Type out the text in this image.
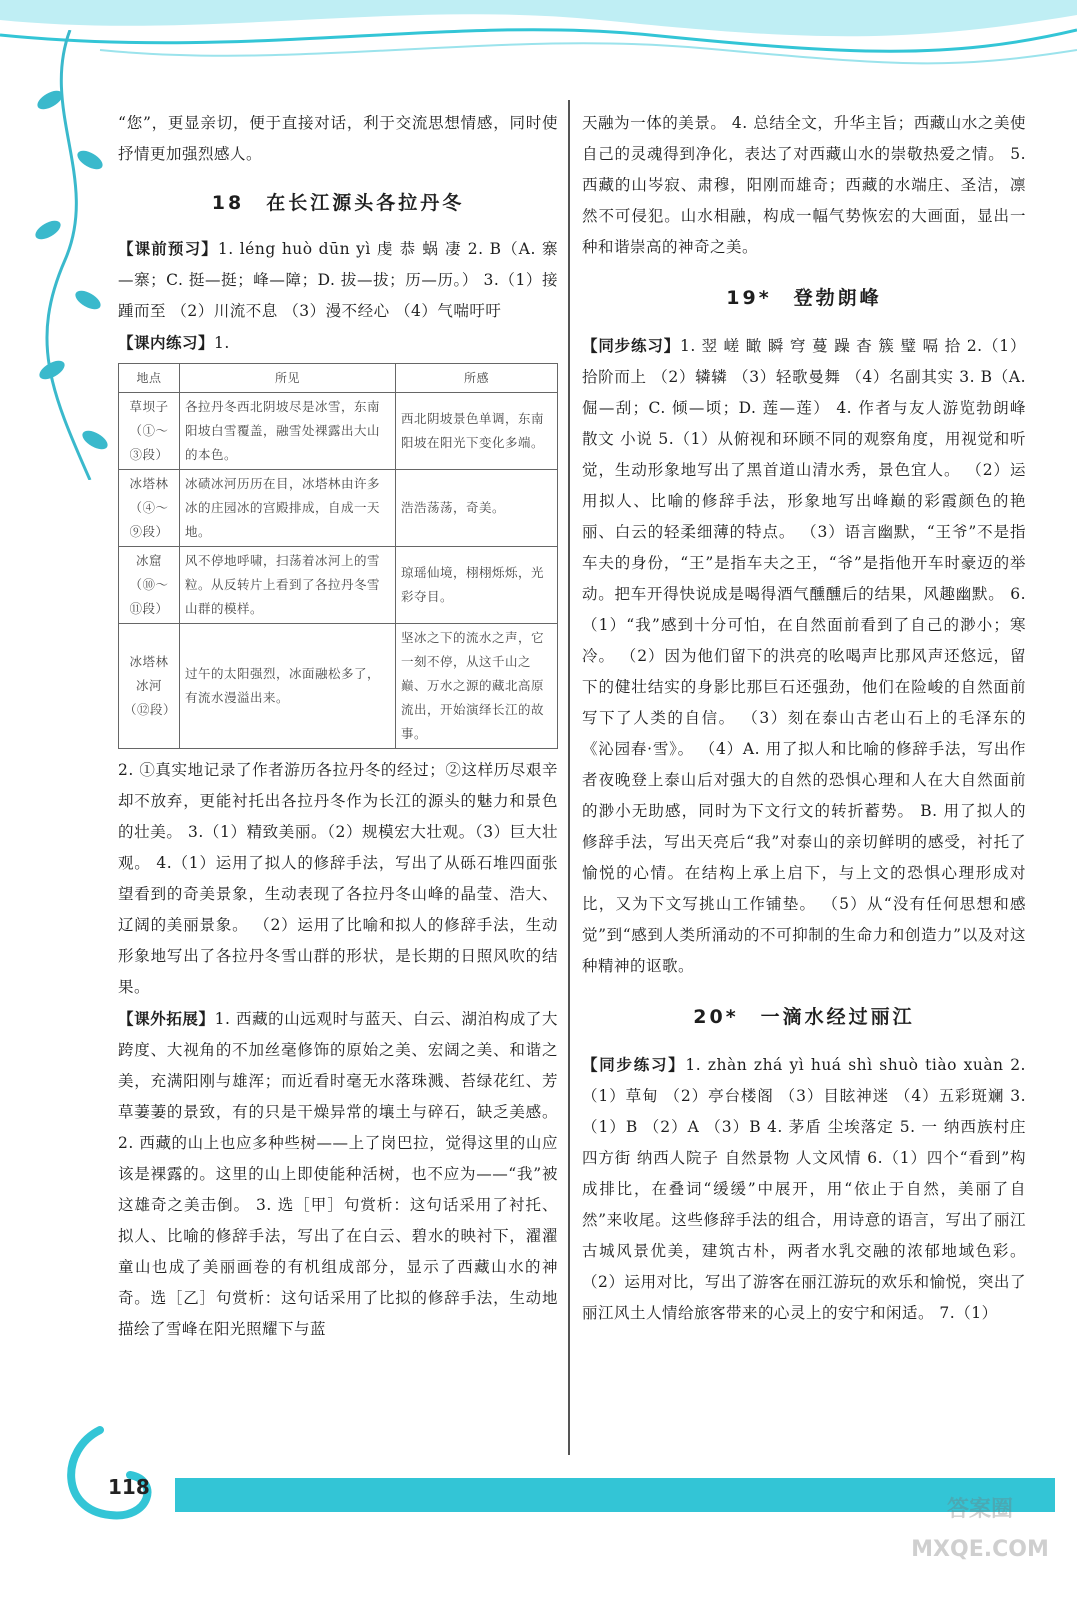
“您”，更显亲切，便于直接对话，利于交流思想情感，同时使抒情更加强烈感人。

18　在长江源头各拉丹冬

【课前预习】1. léng huò dūn yì 虔 恭 蜗 凄 2. B（A. 寨—寨；C. 挺—挺；峰—障；D. 拔—拔；历—历。） 3.（1）接踵而至 （2）川流不息 （3）漫不经心 （4）气喘吁吁

【课内练习】1.

地点	所见	所感
草坝子（①～③段）	各拉丹冬西北阴坡尽是冰雪，东南阳坡白雪覆盖，融雪处裸露出大山的本色。	西北阴坡景色单调，东南阳坡在阳光下变化多端。
冰塔林（④～⑨段）	冰碛冰河历历在目，冰塔林由许多冰的庄园冰的宫殿排成，自成一天地。	浩浩荡荡，奇美。
冰窟（⑩～⑪段）	风不停地呼啸，扫荡着冰河上的雪粒。从反转片上看到了各拉丹冬雪山群的模样。	琼瑶仙境，栩栩烁烁，光彩夺目。
冰塔林冰河（⑫段）	过午的太阳强烈，冰面融松多了，有流水漫溢出来。	坚冰之下的流水之声，它一刻不停，从这千山之巅、万水之源的藏北高原流出，开始演绎长江的故事。

2. ①真实地记录了作者游历各拉丹冬的经过；②这样历尽艰辛却不放弃，更能衬托出各拉丹冬作为长江的源头的魅力和景色的壮美。 3.（1）精致美丽。（2）规模宏大壮观。（3）巨大壮观。 4.（1）运用了拟人的修辞手法，写出了从砾石堆四面张望看到的奇美景象，生动表现了各拉丹冬山峰的晶莹、浩大、辽阔的美丽景象。 （2）运用了比喻和拟人的修辞手法，生动形象地写出了各拉丹冬雪山群的形状，是长期的日照风吹的结果。

【课外拓展】1. 西藏的山远观时与蓝天、白云、湖泊构成了大跨度、大视角的不加丝毫修饰的原始之美、宏阔之美、和谐之美，充满阳刚与雄浑；而近看时毫无水落珠溅、苔绿花红、芳草萋萋的景致，有的只是干燥异常的壤土与碎石，缺乏美感。 2. 西藏的山上也应多种些树——上了岗巴拉，觉得这里的山应该是裸露的。这里的山上即使能种活树，也不应为——“我”被这雄奇之美击倒。 3. 选［甲］句赏析：这句话采用了衬托、拟人、比喻的修辞手法，写出了在白云、碧水的映衬下，濯濯童山也成了美丽画卷的有机组成部分，显示了西藏山水的神奇。选［乙］句赏析：这句话采用了比拟的修辞手法，生动地描绘了雪峰在阳光照耀下与蓝

天融为一体的美景。 4. 总结全文，升华主旨；西藏山水之美使自己的灵魂得到净化，表达了对西藏山水的崇敬热爱之情。 5. 西藏的山岑寂、肃穆，阳刚而雄奇；西藏的水端庄、圣洁，凛然不可侵犯。山水相融，构成一幅气势恢宏的大画面，显出一种和谐崇高的神奇之美。

19*　登勃朗峰

【同步练习】1. 翌 嵯 瞰 瞬 穹 蔓 躁 杳 簇 璧 嗝 拾 2.（1）拾阶而上 （2）辚辚 （3）轻歌曼舞 （4）名副其实 3. B（A. 倔—刮；C. 倾—顷；D. 莲—莲） 4. 作者与友人游览勃朗峰 散文 小说 5.（1）从俯视和环顾不同的观察角度，用视觉和听觉，生动形象地写出了黑首道山清水秀，景色宜人。 （2）运用拟人、比喻的修辞手法，形象地写出峰巅的彩霞颜色的艳丽、白云的轻柔细薄的特点。 （3）语言幽默，“王爷”不是指车夫的身份，“王”是指车夫之王，“爷”是指他开车时豪迈的举动。把车开得快说成是喝得酒气醺醺后的结果，风趣幽默。 6.（1）“我”感到十分可怕，在自然面前看到了自己的渺小；寒冷。 （2）因为他们留下的洪亮的吆喝声比那风声还悠远，留下的健壮结实的身影比那巨石还强劲，他们在险峻的自然面前写下了人类的自信。 （3）刻在泰山古老山石上的毛泽东的《沁园春·雪》。 （4）A. 用了拟人和比喻的修辞手法，写出作者夜晚登上泰山后对强大的自然的恐惧心理和人在大自然面前的渺小无助感，同时为下文行文的转折蓄势。 B. 用了拟人的修辞手法，写出天亮后“我”对泰山的亲切鲜明的感受，衬托了愉悦的心情。在结构上承上启下，与上文的恐惧心理形成对比，又为下文写挑山工作铺垫。 （5）从“没有任何思想和感觉”到“感到人类所涌动的不可抑制的生命力和创造力”以及对这种精神的讴歌。

20*　一滴水经过丽江

【同步练习】1. zhàn zhá yì huá shì shuò tiào xuàn 2.（1）草甸 （2）亭台楼阁 （3）目眩神迷 （4）五彩斑斓 3.（1）B （2）A （3）B 4. 茅盾 尘埃落定 5. 一 纳西族村庄 四方街 纳西人院子 自然景物 人文风情 6.（1）四个“看到”构成排比，在叠词“缓缓”中展开，用“依止于自然，美丽了自然”来收尾。这些修辞手法的组合，用诗意的语言，写出了丽江古城风景优美，建筑古朴，两者水乳交融的浓郁地域色彩。 （2）运用对比，写出了游客在丽江游玩的欢乐和愉悦，突出了丽江风土人情给旅客带来的心灵上的安宁和闲适。 7.（1）

118
答案圈 MXQE.COM
